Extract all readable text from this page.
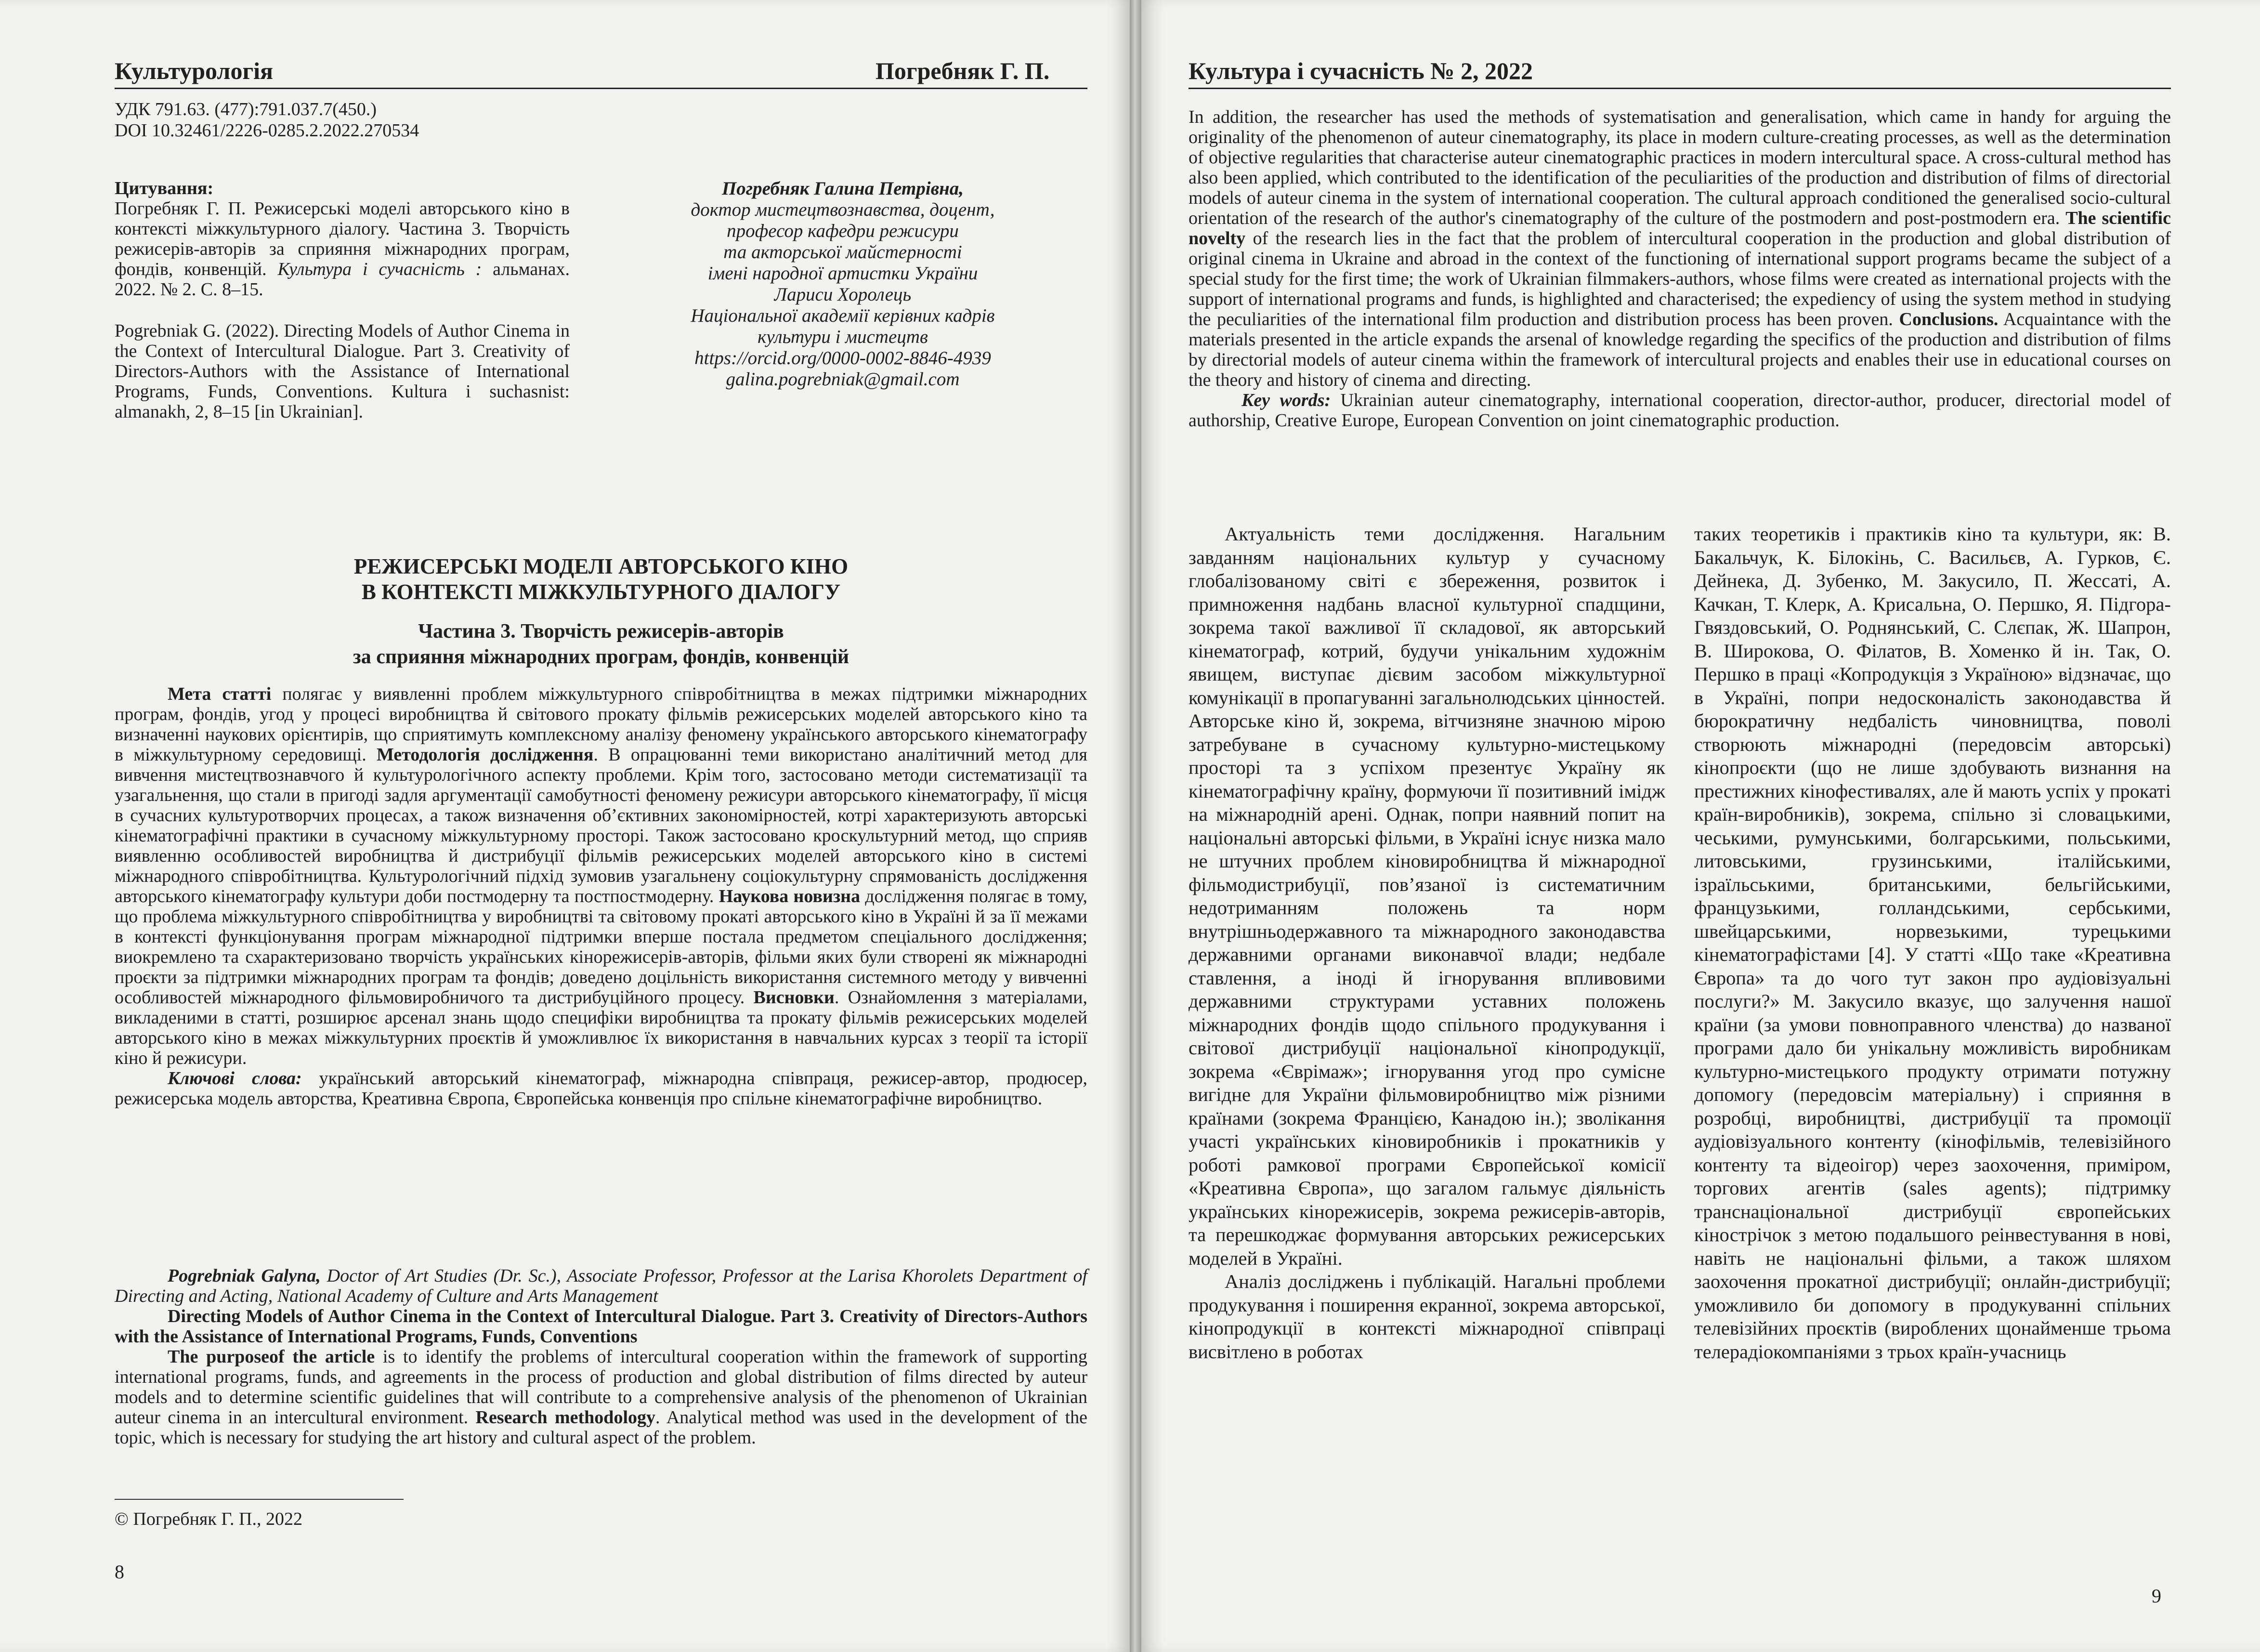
Культурологія	Погребняк Г. П.
УДК 791.63. (477):791.037.7(450.)
DOI 10.32461/2226-0285.2.2022.270534
Цитування:
Погребняк Г. П. Режисерські моделі авторського кіно в контексті міжкультурного діалогу. Частина 3. Творчість режисерів-авторів за сприяння міжнародних програм, фондів, конвенцій. Культура і сучасність : альманах. 2022. № 2. С. 8–15.
Pogrebniak G. (2022). Directing Models of Author Cinema in the Context of Intercultural Dialogue. Part 3. Creativity of Directors-Authors with the Assistance of International Programs, Funds, Conventions. Kultura i suchasnist: almanakh, 2, 8–15 [in Ukrainian].
Погребняк Галина Петрівна,
доктор мистецтвознавства, доцент,
професор кафедри режисури
та акторської майстерності
імені народної артистки України
Лариси Хоролець
Національної академії керівних кадрів
культури і мистецтв
https://orcid.org/0000-0002-8846-4939
galina.pogrebniak@gmail.com
РЕЖИСЕРСЬКІ МОДЕЛІ АВТОРСЬКОГО КІНО
В КОНТЕКСТІ МІЖКУЛЬТУРНОГО ДІАЛОГУ
Частина 3. Творчість режисерів-авторів
за сприяння міжнародних програм, фондів, конвенцій

Мета статті полягає у виявленні проблем міжкультурного співробітництва в межах підтримки міжнародних програм, фондів, угод у процесі виробництва й світового прокату фільмів режисерських моделей авторського кіно та визначенні наукових орієнтирів, що сприятимуть комплексному аналізу феномену українського авторського кінематографу в міжкультурному середовищі. Методологія дослідження. В опрацюванні теми використано аналітичний метод для вивчення мистецтвознавчого й культурологічного аспекту проблеми. Крім того, застосовано методи систематизації та узагальнення, що стали в пригоді задля аргументації самобутності феномену режисури авторського кінематографу, її місця в сучасних культуротворчих процесах, а також визначення об’єктивних закономірностей, котрі характеризують авторські кінематографічні практики в сучасному міжкультурному просторі. Також застосовано кроскультурний метод, що сприяв виявленню особливостей виробництва й дистрибуції фільмів режисерських моделей авторського кіно в системі міжнародного співробітництва. Культурологічний підхід зумовив узагальнену соціокультурну спрямованість дослідження авторського кінематографу культури доби постмодерну та постпостмодерну. Наукова новизна дослідження полягає в тому, що проблема міжкультурного співробітництва у виробництві та світовому прокаті авторського кіно в Україні й за її межами в контексті функціонування програм міжнародної підтримки вперше постала предметом спеціального дослідження; виокремлено та схарактеризовано творчість українських кінорежисерів-авторів, фільми яких були створені як міжнародні проєкти за підтримки міжнародних програм та фондів; доведено доцільність використання системного методу у вивченні особливостей міжнародного фільмовиробничого та дистрибуційного процесу. Висновки. Ознайомлення з матеріалами, викладеними в статті, розширює арсенал знань щодо специфіки виробництва та прокату фільмів режисерських моделей авторського кіно в межах міжкультурних проєктів й уможливлює їх використання в навчальних курсах з теорії та історії кіно й режисури.

Ключові слова: український авторський кінематограф, міжнародна співпраця, режисер-автор, продюсер, режисерська модель авторства, Креативна Європа, Європейська конвенція про спільне кінематографічне виробництво.

Pogrebniak Galyna, Doctor of Art Studies (Dr. Sc.), Associate Professor, Professor at the Larisa Khorolets Department of Directing and Acting, National Academy of Culture and Arts Management

Directing Models of Author Cinema in the Context of Intercultural Dialogue. Part 3. Creativity of Directors-Authors with the Assistance of International Programs, Funds, Conventions

The purposeof the article is to identify the problems of intercultural cooperation within the framework of supporting international programs, funds, and agreements in the process of production and global distribution of films directed by auteur models and to determine scientific guidelines that will contribute to a comprehensive analysis of the phenomenon of Ukrainian auteur cinema in an intercultural environment. Research methodology. Analytical method was used in the development of the topic, which is necessary for studying the art history and cultural aspect of the problem.

© Погребняк Г. П., 2022
8
Культура і сучасність № 2, 2022

In addition, the researcher has used the methods of systematisation and generalisation, which came in handy for arguing the originality of the phenomenon of auteur cinematography, its place in modern culture-creating processes, as well as the determination of objective regularities that characterise auteur cinematographic practices in modern intercultural space. A cross-cultural method has also been applied, which contributed to the identification of the peculiarities of the production and distribution of films of directorial models of auteur cinema in the system of international cooperation. The cultural approach conditioned the generalised socio-cultural orientation of the research of the author's cinematography of the culture of the postmodern and post-postmodern era. The scientific novelty of the research lies in the fact that the problem of intercultural cooperation in the production and global distribution of original cinema in Ukraine and abroad in the context of the functioning of international support programs became the subject of a special study for the first time; the work of Ukrainian filmmakers-authors, whose films were created as international projects with the support of international programs and funds, is highlighted and characterised; the expediency of using the system method in studying the peculiarities of the international film production and distribution process has been proven. Conclusions. Acquaintance with the materials presented in the article expands the arsenal of knowledge regarding the specifics of the production and distribution of films by directorial models of auteur cinema within the framework of intercultural projects and enables their use in educational courses on the theory and history of cinema and directing.

Key words: Ukrainian auteur cinematography, international cooperation, director-author, producer, directorial model of authorship, Creative Europe, European Convention on joint cinematographic production.

Актуальність теми дослідження. Нагальним завданням національних культур у сучасному глобалізованому світі є збереження, розвиток і примноження надбань власної культурної спадщини, зокрема такої важливої її складової, як авторський кінематограф, котрий, будучи унікальним художнім явищем, виступає дієвим засобом міжкультурної комунікації в пропагуванні загальнолюдських цінностей. Авторське кіно й, зокрема, вітчизняне значною мірою затребуване в сучасному культурно-мистецькому просторі та з успіхом презентує Україну як кінематографічну країну, формуючи її позитивний імідж на міжнародній арені. Однак, попри наявний попит на національні авторські фільми, в Україні існує низка мало не штучних проблем кіновиробництва й міжнародної фільмодистрибуції, пов’язаної із систематичним недотриманням положень та норм внутрішньодержавного та міжнародного законодавства державними органами виконавчої влади; недбале ставлення, а іноді й ігнорування впливовими державними структурами уставних положень міжнародних фондів щодо спільного продукування і світової дистрибуції національної кінопродукції, зокрема «Єврімаж»; ігнорування угод про сумісне вигідне для України фільмовиробництво між різними країнами (зокрема Францією, Канадою ін.); зволікання участі українських кіновиробників і прокатників у роботі рамкової програми Європейської комісії «Креативна Європа», що загалом гальмує діяльність українських кінорежисерів, зокрема режисерів-авторів, та перешкоджає формування авторських режисерських моделей в Україні.

Аналіз досліджень і публікацій. Нагальні проблеми продукування і поширення екранної, зокрема авторської, кінопродукції в контексті міжнародної співпраці висвітлено в роботах

таких теоретиків і практиків кіно та культури, як: В. Бакальчук, К. Білокінь, С. Васильєв, А. Гурков, Є. Дейнека, Д. Зубенко, М. Закусило, П. Жессаті, А. Качкан, Т. Клерк, А. Крисальна, О. Першко, Я. Підгора-Гвяздовський, О. Роднянський, С. Слєпак, Ж. Шапрон, В. Широкова, О. Філатов, В. Хоменко й ін. Так, О. Першко в праці «Копродукція з Україною» відзначає, що в Україні, попри недосконалість законодавства й бюрократичну недбалість чиновництва, поволі створюють міжнародні (передовсім авторські) кінопроєкти (що не лише здобувають визнання на престижних кінофестивалях, але й мають успіх у прокаті країн-виробників), зокрема, спільно зі словацькими, чеськими, румунськими, болгарськими, польськими, литовськими, грузинськими, італійськими, ізраїльськими, британськими, бельгійськими, французькими, голландськими, сербськими, швейцарськими, норвезькими, турецькими кінематографістами [4]. У статті «Що таке «Креативна Європа» та до чого тут закон про аудіовізуальні послуги?» М. Закусило вказує, що залучення нашої країни (за умови повноправного членства) до названої програми дало би унікальну можливість виробникам культурно-мистецького продукту отримати потужну допомогу (передовсім матеріальну) і сприяння в розробці, виробництві, дистрибуції та промоції аудіовізуального контенту (кінофільмів, телевізійного контенту та відеоігор) через заохочення, приміром, торгових агентів (sales agents); підтримку транснаціональної дистрибуції європейських кінострічок з метою подальшого реінвестування в нові, навіть не національні фільми, а також шляхом заохочення прокатної дистрибуції; онлайн-дистрибуції; уможливило би допомогу в продукуванні спільних телевізійних проєктів (вироблених щонайменше трьома телерадіокомпаніями з трьох країн-учасниць

9
